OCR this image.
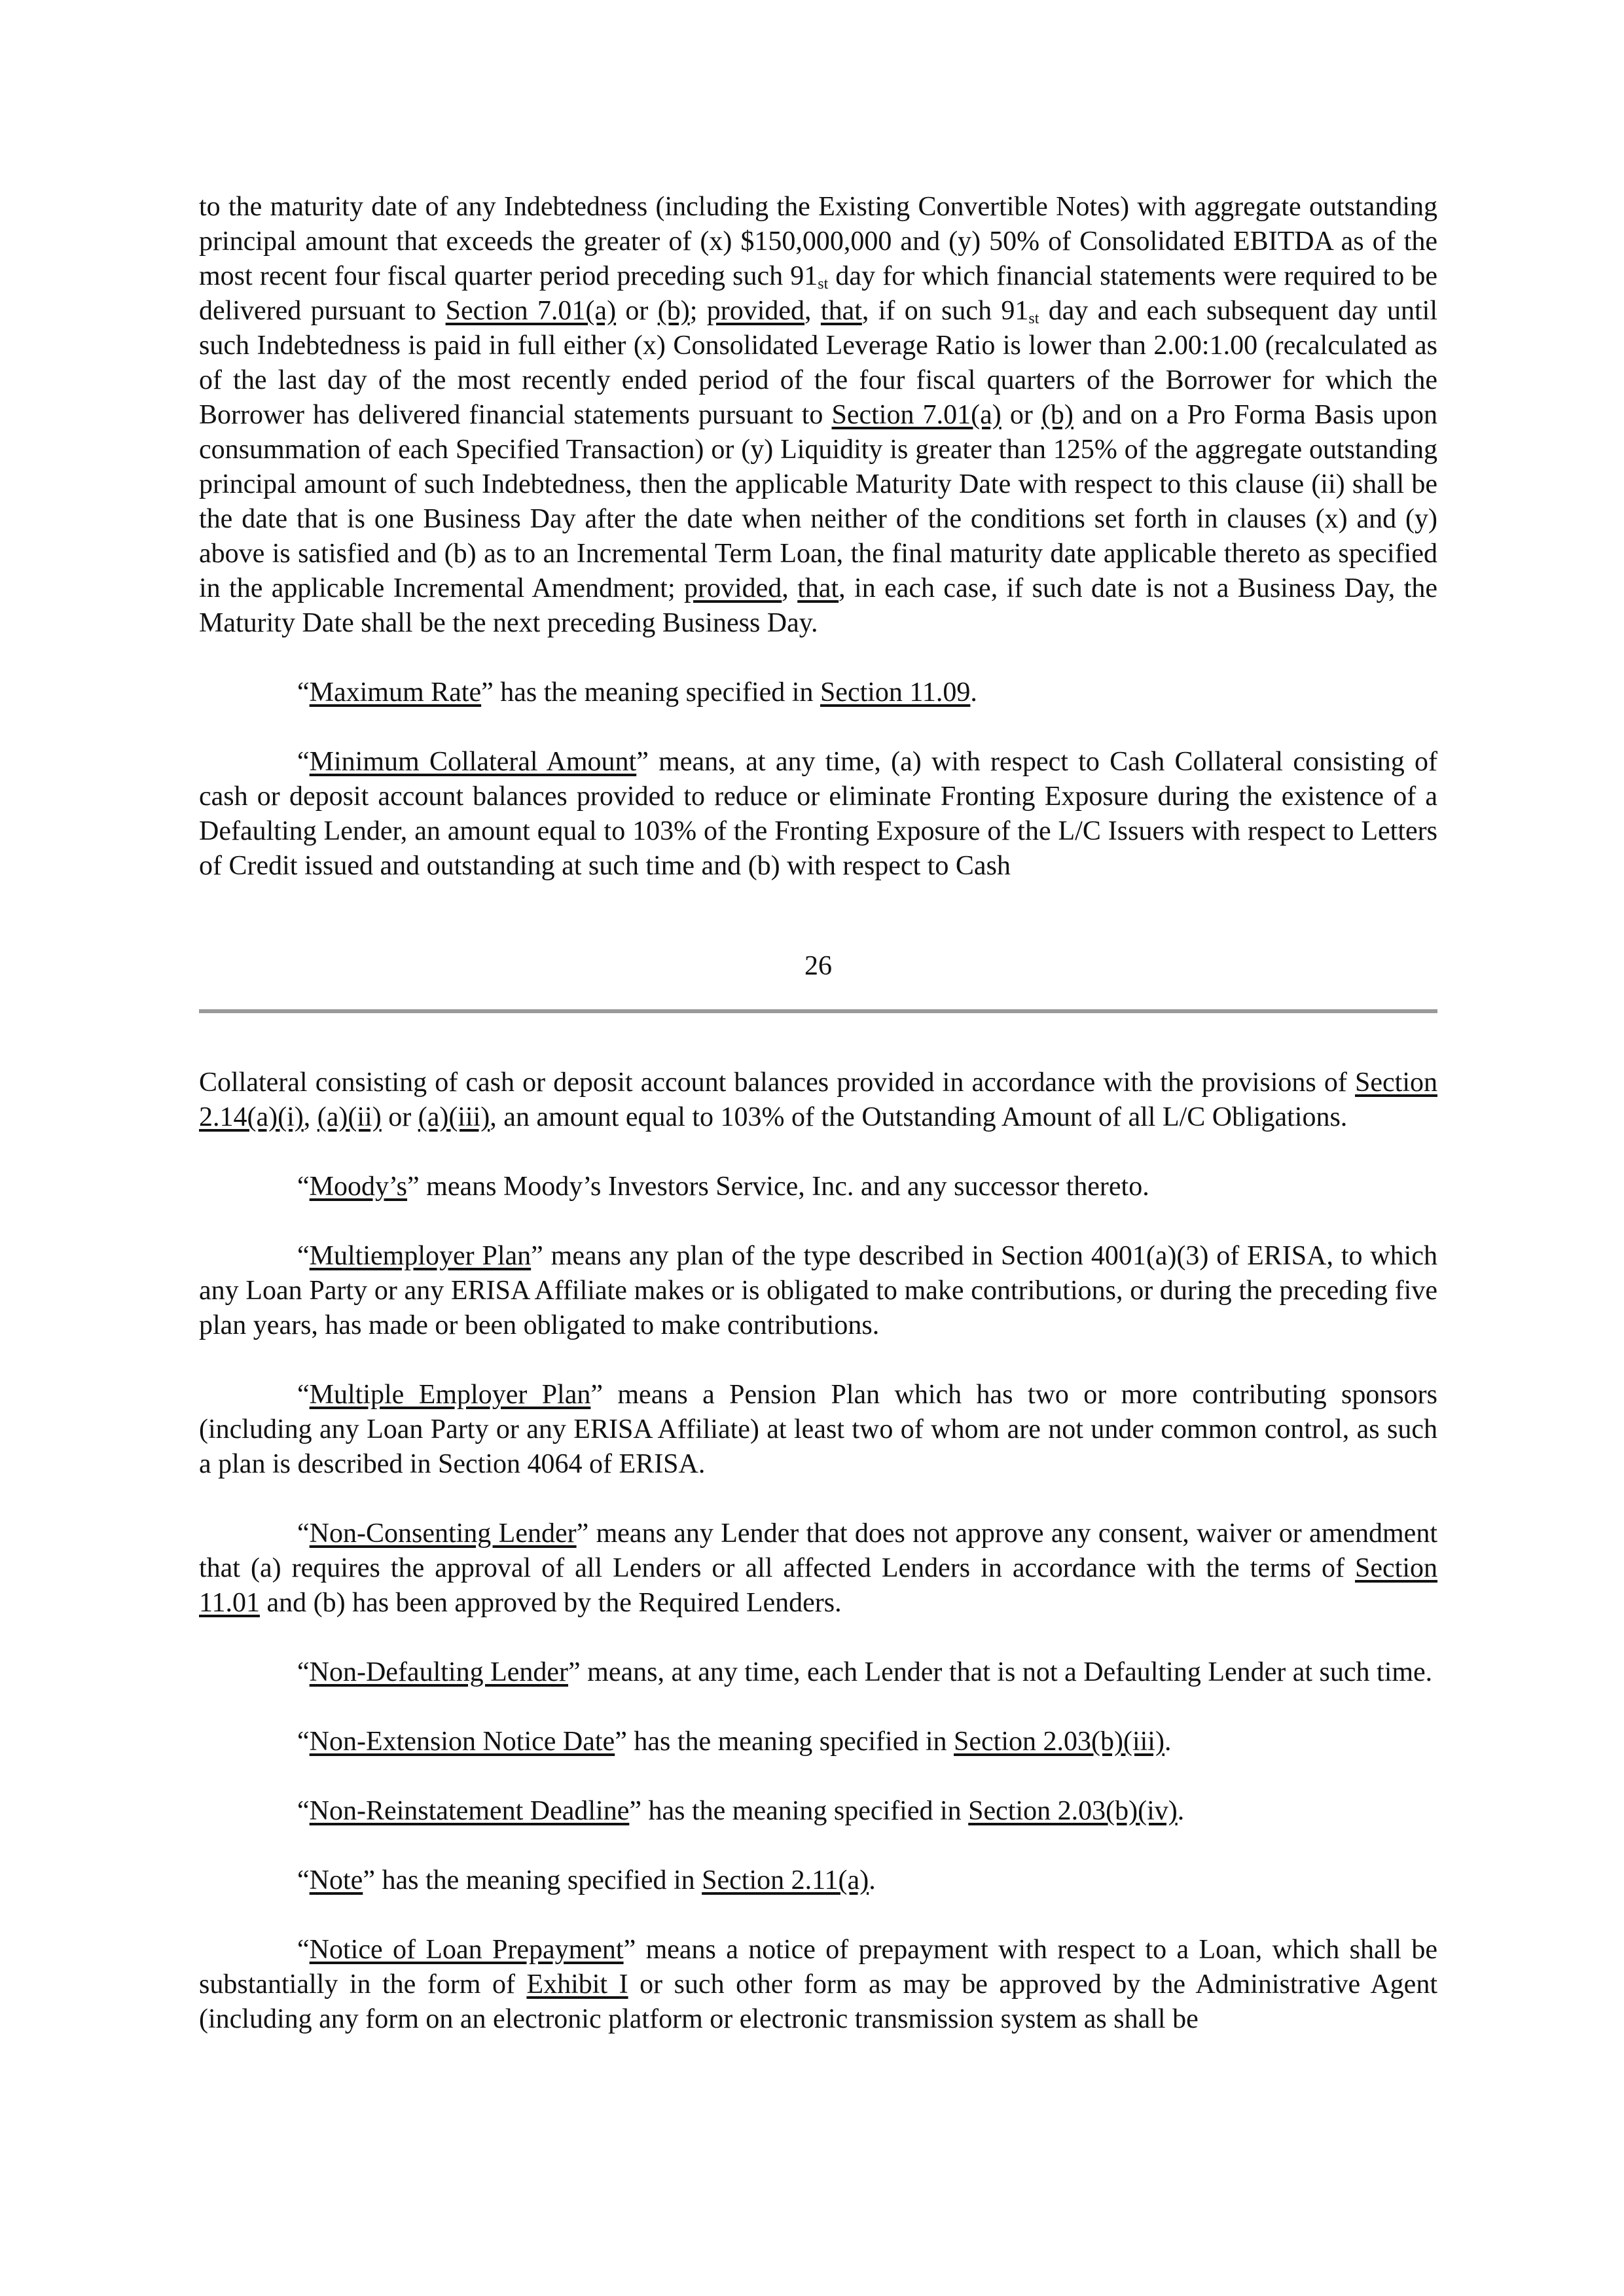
to the maturity date of any Indebtedness (including the Existing Convertible Notes) with aggregate outstanding principal amount that exceeds the greater of (x) $150,000,000 and (y) 50% of Consolidated EBITDA as of the most recent four fiscal quarter period preceding such $91_{st}$ day for which financial statements were required to be delivered pursuant to Section 7.01(a) or (b); provided, that, if on such $91_{st}$ day and each subsequent day until such Indebtedness is paid in full either (x) Consolidated Leverage Ratio is lower than 2.00:1.00 (recalculated as of the last day of the most recently ended period of the four fiscal quarters of the Borrower for which the Borrower has delivered financial statements pursuant to Section 7.01(a) or (b) and on a Pro Forma Basis upon consummation of each Specified Transaction) or (y) Liquidity is greater than 125% of the aggregate outstanding principal amount of such Indebtedness, then the applicable Maturity Date with respect to this clause (ii) shall be the date that is one Business Day after the date when neither of the conditions set forth in clauses (x) and (y) above is satisfied and (b) as to an Incremental Term Loan, the final maturity date applicable thereto as specified in the applicable Incremental Amendment; provided, that, in each case, if such date is not a Business Day, the Maturity Date shall be the next preceding Business Day.

“Maximum Rate” has the meaning specified in Section 11.09.

“Minimum Collateral Amount” means, at any time, (a) with respect to Cash Collateral consisting of cash or deposit account balances provided to reduce or eliminate Fronting Exposure during the existence of a Defaulting Lender, an amount equal to 103% of the Fronting Exposure of the L/C Issuers with respect to Letters of Credit issued and outstanding at such time and (b) with respect to Cash

26

Collateral consisting of cash or deposit account balances provided in accordance with the provisions of Section 2.14(a)(i), (a)(ii) or (a)(iii), an amount equal to 103% of the Outstanding Amount of all L/C Obligations.

“Moody’s” means Moody’s Investors Service, Inc. and any successor thereto.

“Multiemployer Plan” means any plan of the type described in Section 4001(a)(3) of ERISA, to which any Loan Party or any ERISA Affiliate makes or is obligated to make contributions, or during the preceding five plan years, has made or been obligated to make contributions.

“Multiple Employer Plan” means a Pension Plan which has two or more contributing sponsors (including any Loan Party or any ERISA Affiliate) at least two of whom are not under common control, as such a plan is described in Section 4064 of ERISA.

“Non-Consenting Lender” means any Lender that does not approve any consent, waiver or amendment that (a) requires the approval of all Lenders or all affected Lenders in accordance with the terms of Section 11.01 and (b) has been approved by the Required Lenders.

“Non-Defaulting Lender” means, at any time, each Lender that is not a Defaulting Lender at such time.

“Non-Extension Notice Date” has the meaning specified in Section 2.03(b)(iii).

“Non-Reinstatement Deadline” has the meaning specified in Section 2.03(b)(iv).

“Note” has the meaning specified in Section 2.11(a).

“Notice of Loan Prepayment” means a notice of prepayment with respect to a Loan, which shall be substantially in the form of Exhibit I or such other form as may be approved by the Administrative Agent (including any form on an electronic platform or electronic transmission system as shall be
